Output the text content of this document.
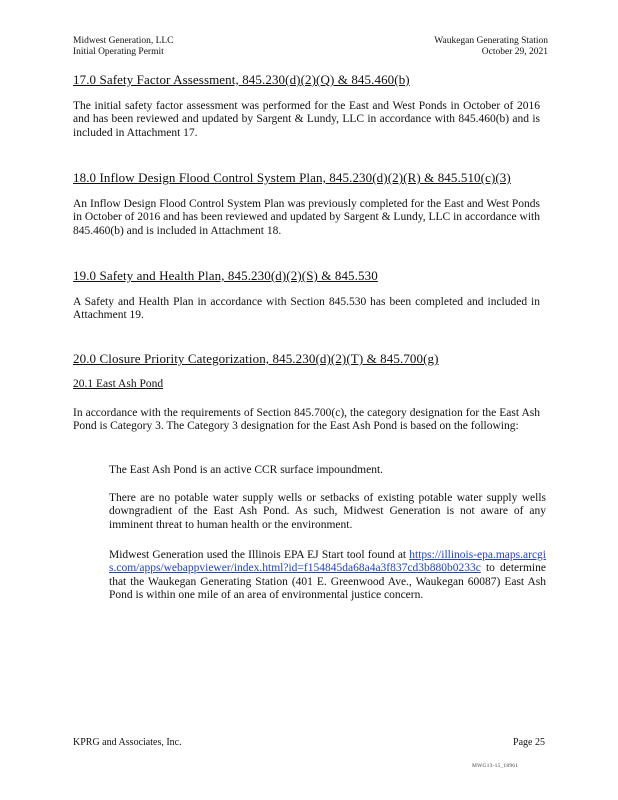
Midwest Generation, LLC
Initial Operating Permit
Waukegan Generating Station
October 29, 2021
17.0 Safety Factor Assessment, 845.230(d)(2)(Q) & 845.460(b)

The initial safety factor assessment was performed for the East and West Ponds in October of 2016 and has been reviewed and updated by Sargent & Lundy, LLC in accordance with 845.460(b) and is included in Attachment 17.

18.0 Inflow Design Flood Control System Plan, 845.230(d)(2)(R) & 845.510(c)(3)

An Inflow Design Flood Control System Plan was previously completed for the East and West Ponds in October of 2016 and has been reviewed and updated by Sargent & Lundy, LLC in accordance with 845.460(b) and is included in Attachment 18.

19.0 Safety and Health Plan, 845.230(d)(2)(S) & 845.530

A Safety and Health Plan in accordance with Section 845.530 has been completed and included in Attachment 19.

20.0 Closure Priority Categorization, 845.230(d)(2)(T) & 845.700(g)
20.1 East Ash Pond

In accordance with the requirements of Section 845.700(c), the category designation for the East Ash Pond is Category 3. The Category 3 designation for the East Ash Pond is based on the following:

The East Ash Pond is an active CCR surface impoundment.

There are no potable water supply wells or setbacks of existing potable water supply wells downgradient of the East Ash Pond. As such, Midwest Generation is not aware of any imminent threat to human health or the environment.

Midwest Generation used the Illinois EPA EJ Start tool found at https://illinois-epa.maps.arcgis.com/apps/webappviewer/index.html?id=f154845da68a4a3f837cd3b880b0233c to determine that the Waukegan Generating Station (401 E. Greenwood Ave., Waukegan 60087) East Ash Pond is within one mile of an area of environmental justice concern.

KPRG and Associates, Inc.	Page 25
MWG13-15_18961
